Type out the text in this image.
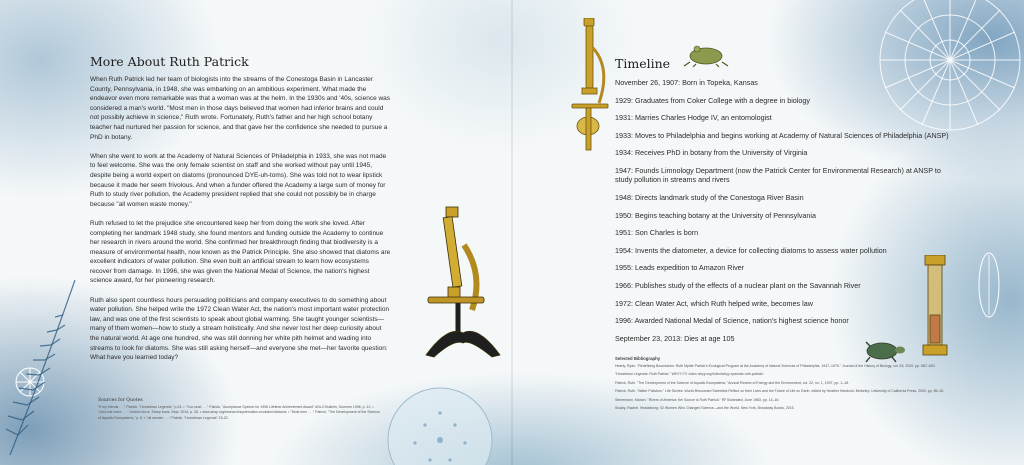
More About Ruth Patrick

When Ruth Patrick led her team of biologists into the streams of the Conestoga Basin in Lancaster County, Pennsylvania, in 1948, she was embarking on an ambitious experiment. What made the endeavor even more remarkable was that a woman was at the helm. In the 1930s and '40s, science was considered a man's world. "Most men in those days believed that women had inferior brains and could not possibly achieve in science," Ruth wrote. Fortunately, Ruth's father and her high school botany teacher had nurtured her passion for science, and that gave her the confidence she needed to pursue a PhD in botany.

When she went to work at the Academy of Natural Sciences of Philadelphia in 1933, she was not made to feel welcome. She was the only female scientist on staff and she worked without pay until 1945, despite being a world expert on diatoms (pronounced DYE-uh-toms). She was told not to wear lipstick because it made her seem frivolous. And when a funder offered the Academy a large sum of money for Ruth to study river pollution, the Academy president replied that she could not possibly be in charge because "all women waste money."

Ruth refused to let the prejudice she encountered keep her from doing the work she loved. After completing her landmark 1948 study, she found mentors and funding outside the Academy to continue her research in rivers around the world. She confirmed her breakthrough finding that biodiversity is a measure of environmental health, now known as the Patrick Principle. She also showed that diatoms are excellent indicators of water pollution. She even built an artificial stream to learn how ecosystems recover from damage. In 1996, she was given the National Medal of Science, the nation's highest science award, for her pioneering research.

Ruth also spent countless hours persuading politicians and company executives to do something about water pollution. She helped write the 1972 Clean Water Act, the nation's most important water protection law, and was one of the first scientists to speak about global warming. She taught younger scientists—many of them women—how to study a stream holistically. And she never lost her deep curiosity about the natural world. At age one hundred, she was still donning her white pith helmet and wading into streams to look for diatoms. She was still asking herself—and everyone she met—her favorite question: What have you learned today?

Sources for Quotes

"If my friends . . ." Patrick, "Hometown Legends," p.23. • "You must . . ." Patrick, "Acceptance Speech for 1996 Lifetime Achievement Award" ASLO Bulletin, Summer 1996, p. 12. • "Just one more . . ." Untold mirror, Sharp book, Sept. 2014, p. 26. • www.ansp.org/research/systematics-evolution/diatoms. • "Most men . . ." Patrick, "The Development of the Science of Aquatic Ecosystems," p. 6. • "all women . . ." Patrick, "Hometown Legends" 15-22.

Timeline
November 26, 1907: Born in Topeka, Kansas
1929: Graduates from Coker College with a degree in biology
1931: Marries Charles Hodge IV, an entomologist
1933: Moves to Philadelphia and begins working at Academy of Natural Sciences of Philadelphia (ANSP)
1934: Receives PhD in botany from the University of Virginia
1947: Founds Limnology Department (now the Patrick Center for Environmental Research) at ANSP to study pollution in streams and rivers
1948: Directs landmark study of the Conestoga River Basin
1950: Begins teaching botany at the University of Pennsylvania
1951: Son Charles is born
1954: Invents the diatometer, a device for collecting diatoms to assess water pollution
1955: Leads expedition to Amazon River
1966: Publishes study of the effects of a nuclear plant on the Savannah River
1972: Clean Water Act, which Ruth helped write, becomes law
1996: Awarded National Medal of Science, nation's highest science honor
September 23, 2013: Dies at age 105
Selected Bibliography
Hearty, Ryan. "Redefining Boundaries: Ruth Myrtle Patrick's Ecological Program at the Academy of Natural Sciences of Philadelphia, 1947–1975." Journal of the History of Biology, vol. 53, 2020, pp. 587–630.
"Hometown Legends: Ruth Patrick." WHYY-TV video whyy.org/video/whyy-specials-ruth-patrick/.
Patrick, Ruth. "The Development of the Science of Aquatic Ecosystems." Annual Review of Energy and the Environment, vol. 22, no. 1, 1997, pp. 1–18.
Patrick, Ruth. "Water Pollution." Life Stories: World-Renowned Scientists Reflect on their Lives and the Future of Life on Earth, edited by Heather Newbold. Berkeley: University of California Press, 2000, pp. 85–92.
Stenemann, Marion. "Rivers of America: the Source is Ruth Patrick." RF Illustrated, June 1983, pp. 14–16.
Swaby, Rachel. Headstrong: 52 Women Who Changed Science—and the World. New York, Broadway Books, 2015.
